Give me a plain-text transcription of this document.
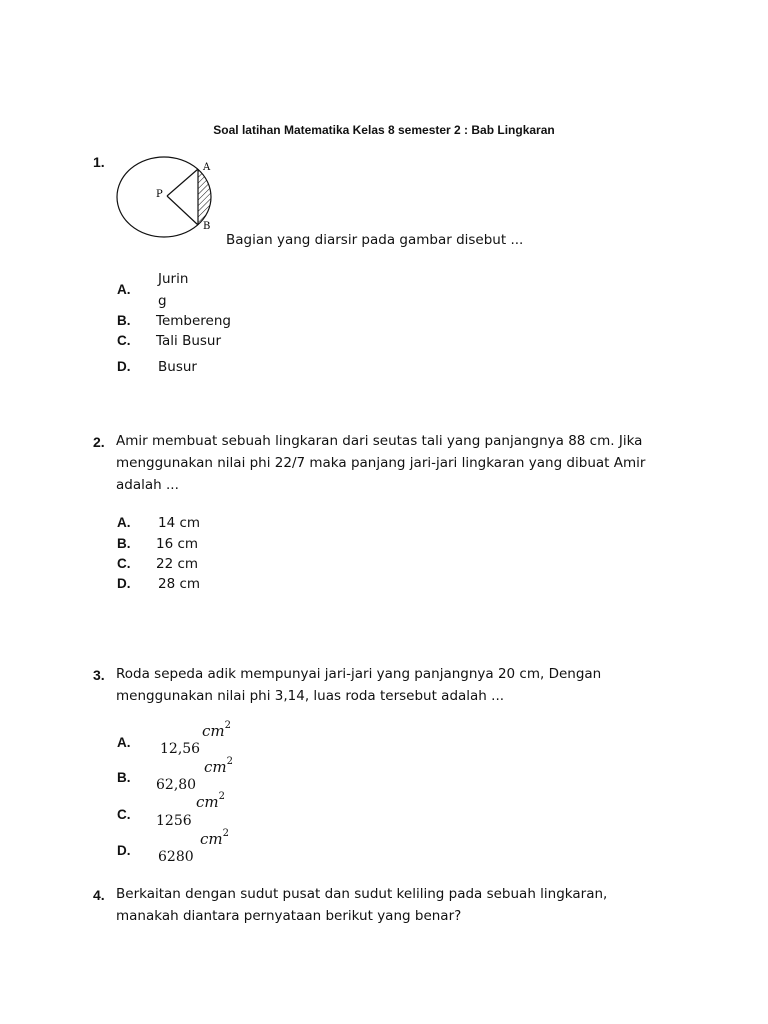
Soal latihan Matematika Kelas 8 semester 2 : Bab Lingkaran
1.	A
B
P
Bagian yang diarsir pada gambar disebut ...
A.
Jurin
g
B. Tembereng
C. Tali Busur
D. Busur
2. Amir membuat sebuah lingkaran dari seutas tali yang panjangnya 88 cm. Jika
menggunakan nilai phi 22/7 maka panjang jari-jari lingkaran yang dibuat Amir
adalah ...
A. 14 cm
B. 16 cm
C. 22 cm
D. 28 cm
3. Roda sepeda adik mempunyai jari-jari yang panjangnya 20 cm, Dengan
menggunakan nilai phi 3,14, luas roda tersebut adalah ...
A. 12,56
$cm^2$
B. 62,80
$cm^2$
C. 1256
$cm^2$
D. 6280
$cm^2$
4. Berkaitan dengan sudut pusat dan sudut keliling pada sebuah lingkaran,
manakah diantara pernyataan berikut yang benar?
